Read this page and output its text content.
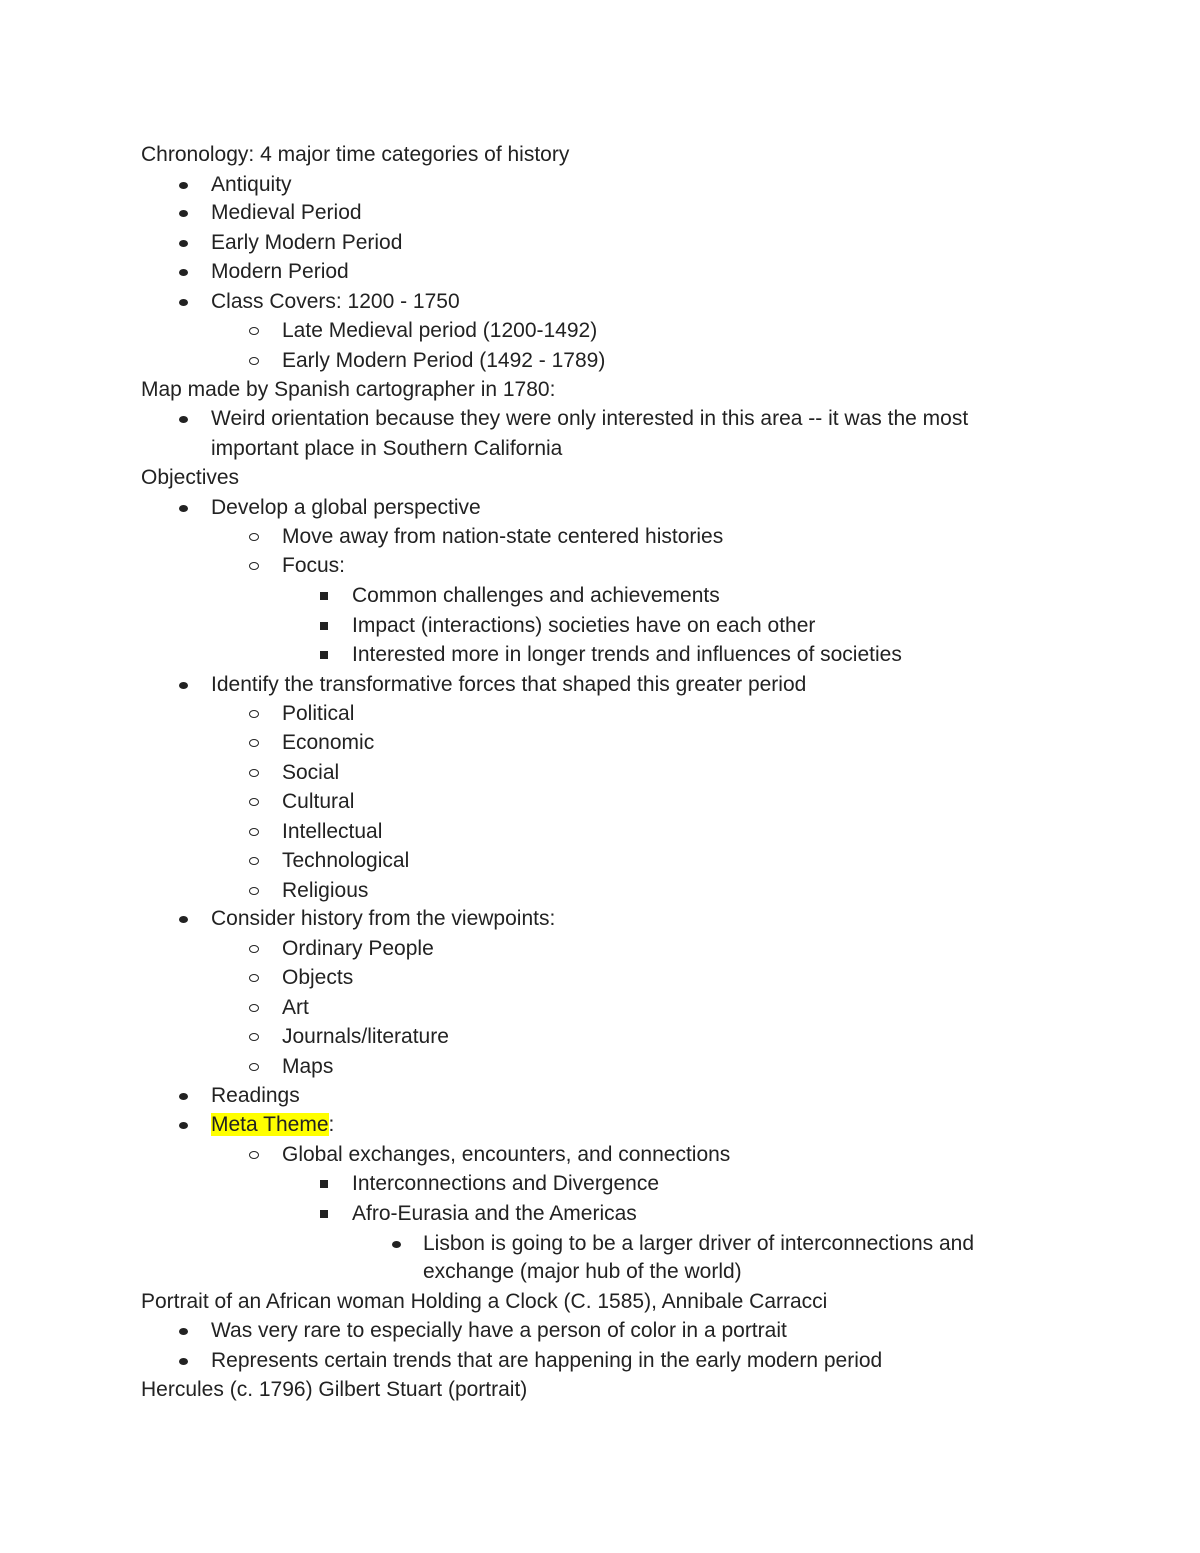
Chronology: 4 major time categories of history
Antiquity
Medieval Period
Early Modern Period
Modern Period
Class Covers: 1200 - 1750
Late Medieval period (1200-1492)
Early Modern Period (1492 - 1789)
Map made by Spanish cartographer in 1780:
Weird orientation because they were only interested in this area -- it was the most
important place in Southern California
Objectives
Develop a global perspective
Move away from nation-state centered histories
Focus:
Common challenges and achievements
Impact (interactions) societies have on each other
Interested more in longer trends and influences of societies
Identify the transformative forces that shaped this greater period
Political
Economic
Social
Cultural
Intellectual
Technological
Religious
Consider history from the viewpoints:
Ordinary People
Objects
Art
Journals/literature
Maps
Readings
Meta Theme:
Global exchanges, encounters, and connections
Interconnections and Divergence
Afro-Eurasia and the Americas
Lisbon is going to be a larger driver of interconnections and
exchange (major hub of the world)
Portrait of an African woman Holding a Clock (C. 1585), Annibale Carracci
Was very rare to especially have a person of color in a portrait
Represents certain trends that are happening in the early modern period
Hercules (c. 1796) Gilbert Stuart (portrait)
